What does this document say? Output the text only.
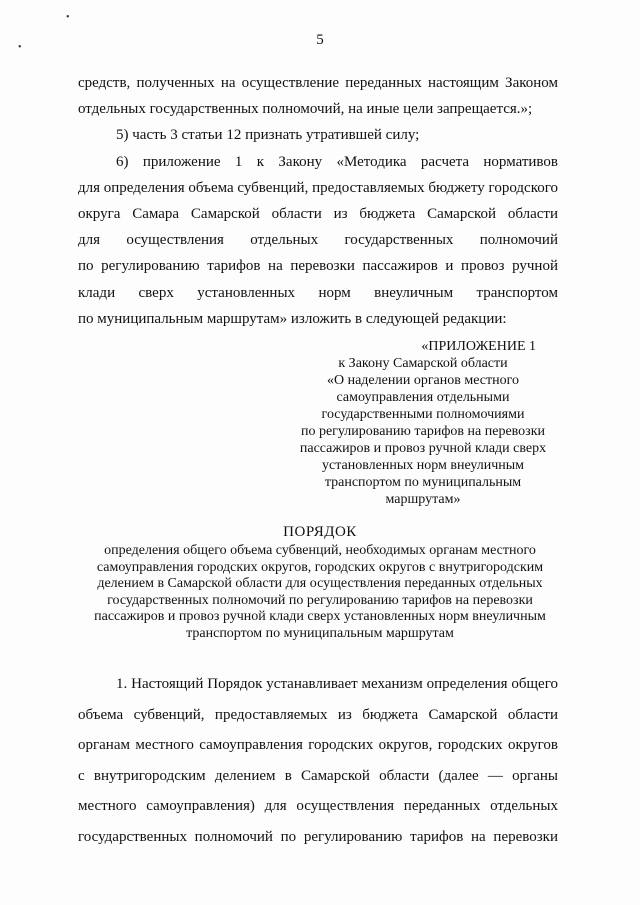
•
•	5
средств, полученных на осуществление переданных настоящим Законом
отдельных государственных полномочий, на иные цели запрещается.»;
5) часть 3 статьи 12 признать утратившей силу;
6) приложение 1 к Закону «Методика расчета нормативов
для определения объема субвенций, предоставляемых бюджету городского
округа Самара Самарской области из бюджета Самарской области
для осуществления отдельных государственных полномочий
по регулированию тарифов на перевозки пассажиров и провоз ручной
клади сверх установленных норм внеуличным транспортом
по муниципальным маршрутам» изложить в следующей редакции:
«ПРИЛОЖЕНИЕ 1
к Закону Самарской области
«О наделении органов местного
самоуправления отдельными
государственными полномочиями
по регулированию тарифов на перевозки
пассажиров и провоз ручной клади сверх
установленных норм внеуличным
транспортом по муниципальным
маршрутам»
ПОРЯДОК
определения общего объема субвенций, необходимых органам местного
самоуправления городских округов, городских округов с внутригородским
делением в Самарской области для осуществления переданных отдельных
государственных полномочий по регулированию тарифов на перевозки
пассажиров и провоз ручной клади сверх установленных норм внеуличным
транспортом по муниципальным маршрутам
1. Настоящий Порядок устанавливает механизм определения общего
объема субвенций, предоставляемых из бюджета Самарской области
органам местного самоуправления городских округов, городских округов
с внутригородским делением в Самарской области (далее — органы
местного самоуправления) для осуществления переданных отдельных
государственных полномочий по регулированию тарифов на перевозки
